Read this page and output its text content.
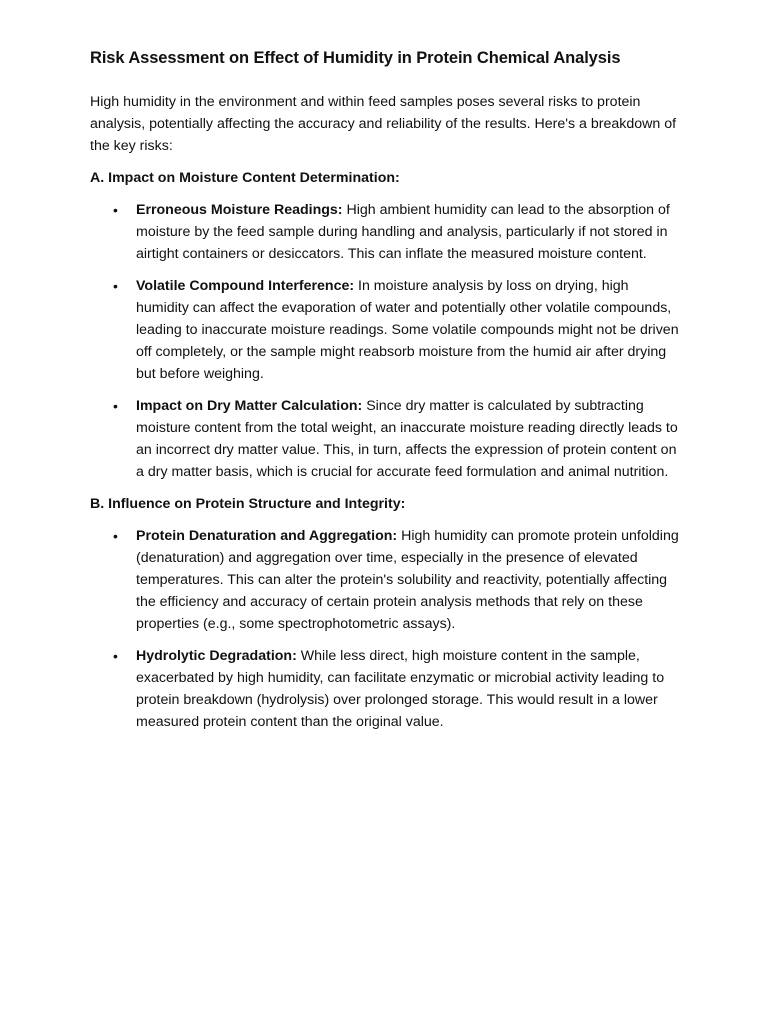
Risk Assessment on Effect of Humidity in Protein Chemical Analysis

High humidity in the environment and within feed samples poses several risks to protein analysis, potentially affecting the accuracy and reliability of the results. Here's a breakdown of the key risks:

A. Impact on Moisture Content Determination:
• Erroneous Moisture Readings: High ambient humidity can lead to the absorption of moisture by the feed sample during handling and analysis, particularly if not stored in airtight containers or desiccators. This can inflate the measured moisture content.
• Volatile Compound Interference: In moisture analysis by loss on drying, high humidity can affect the evaporation of water and potentially other volatile compounds, leading to inaccurate moisture readings. Some volatile compounds might not be driven off completely, or the sample might reabsorb moisture from the humid air after drying but before weighing.
• Impact on Dry Matter Calculation: Since dry matter is calculated by subtracting moisture content from the total weight, an inaccurate moisture reading directly leads to an incorrect dry matter value. This, in turn, affects the expression of protein content on a dry matter basis, which is crucial for accurate feed formulation and animal nutrition.
B. Influence on Protein Structure and Integrity:
• Protein Denaturation and Aggregation: High humidity can promote protein unfolding (denaturation) and aggregation over time, especially in the presence of elevated temperatures. This can alter the protein's solubility and reactivity, potentially affecting the efficiency and accuracy of certain protein analysis methods that rely on these properties (e.g., some spectrophotometric assays).
• Hydrolytic Degradation: While less direct, high moisture content in the sample, exacerbated by high humidity, can facilitate enzymatic or microbial activity leading to protein breakdown (hydrolysis) over prolonged storage. This would result in a lower measured protein content than the original value.
